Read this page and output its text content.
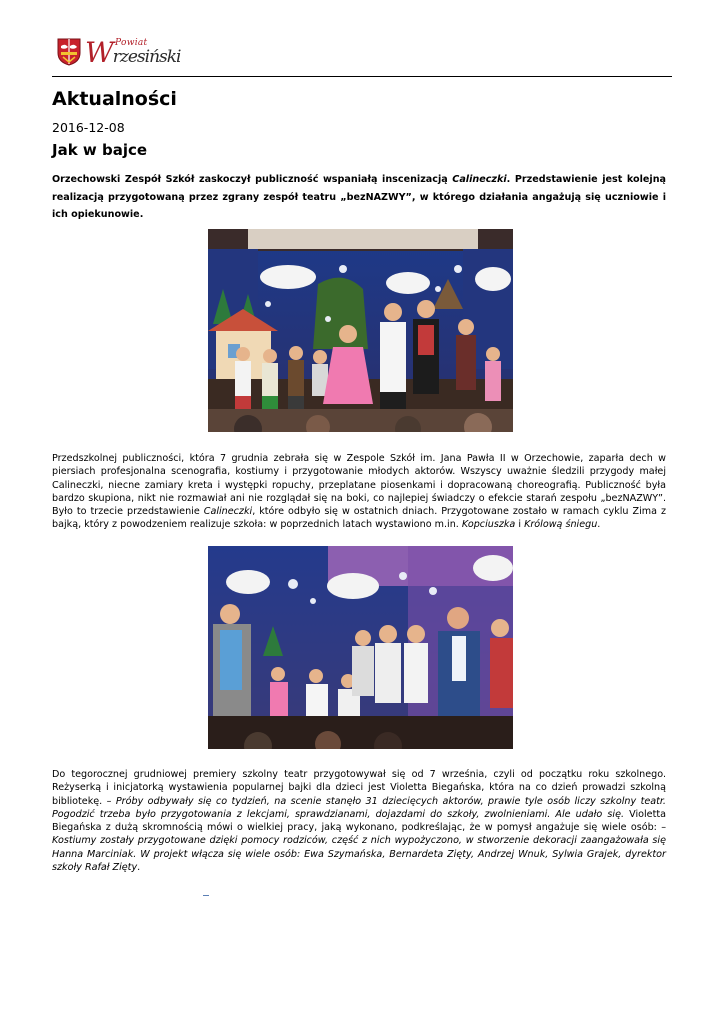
Powiat
Wrzesiński
Aktualności
2016-12-08
Jak w bajce

Orzechowski Zespół Szkół zaskoczył publiczność wspaniałą inscenizacją Calineczki. Przedstawienie jest kolejną realizacją przygotowaną przez zgrany zespół teatru „bezNAZWY”, w którego działania angażują się uczniowie i ich opiekunowie.

Przedszkolnej publiczności, która 7 grudnia zebrała się w Zespole Szkół im. Jana Pawła II w Orzechowie, zaparła dech w piersiach profesjonalna scenografia, kostiumy i przygotowanie młodych aktorów. Wszyscy uważnie śledzili przygody małej Calineczki, niecne zamiary kreta i występki ropuchy, przeplatane piosenkami i dopracowaną choreografią. Publiczność była bardzo skupiona, nikt nie rozmawiał ani nie rozglądał się na boki, co najlepiej świadczy o efekcie starań zespołu „bezNAZWY”. Było to trzecie przedstawienie Calineczki, które odbyło się w ostatnich dniach. Przygotowane zostało w ramach cyklu Zima z bajką, który z powodzeniem realizuje szkoła: w poprzednich latach wystawiono m.in. Kopciuszka i Królową śniegu.

Do tegorocznej grudniowej premiery szkolny teatr przygotowywał się od 7 września, czyli od początku roku szkolnego. Reżyserką i inicjatorką wystawienia popularnej bajki dla dzieci jest Violetta Biegańska, która na co dzień prowadzi szkolną bibliotekę. – Próby odbywały się co tydzień, na scenie stanęło 31 dziecięcych aktorów, prawie tyle osób liczy szkolny teatr. Pogodzić trzeba było przygotowania z lekcjami, sprawdzianami, dojazdami do szkoły, zwolnieniami. Ale udało się. Violetta Biegańska z dużą skromnością mówi o wielkiej pracy, jaką wykonano, podkreślając, że w pomysł angażuje się wiele osób: – Kostiumy zostały przygotowane dzięki pomocy rodziców, część z nich wypożyczono, w stworzenie dekoracji zaangażowała się Hanna Marciniak. W projekt włącza się wiele osób: Ewa Szymańska, Bernardeta Zięty, Andrzej Wnuk, Sylwia Grajek, dyrektor szkoły Rafał Zięty.
